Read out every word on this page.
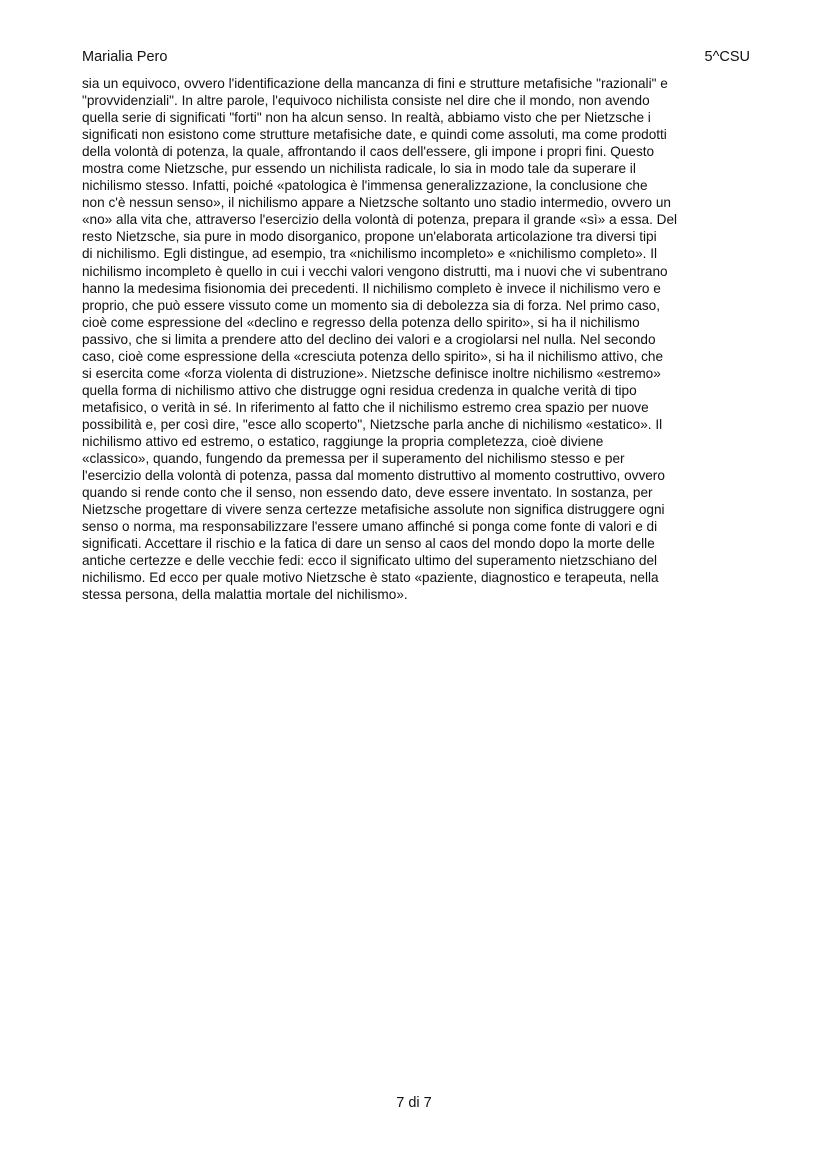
Marialia Pero	5^CSU
sia un equivoco, ovvero l'identificazione della mancanza di fini e strutture metafisiche "razionali" e
"provvidenziali". In altre parole, l'equivoco nichilista consiste nel dire che il mondo, non avendo
quella serie di significati "forti" non ha alcun senso. In realtà, abbiamo visto che per Nietzsche i
significati non esistono come strutture metafisiche date, e quindi come assoluti, ma come prodotti
della volontà di potenza, la quale, affrontando il caos dell'essere, gli impone i propri fini. Questo
mostra come Nietzsche, pur essendo un nichilista radicale, lo sia in modo tale da superare il
nichilismo stesso. Infatti, poiché «patologica è l'immensa generalizzazione, la conclusione che
non c'è nessun senso», il nichilismo appare a Nietzsche soltanto uno stadio intermedio, ovvero un
«no» alla vita che, attraverso l'esercizio della volontà di potenza, prepara il grande «sì» a essa. Del
resto Nietzsche, sia pure in modo disorganico, propone un'elaborata articolazione tra diversi tipi
di nichilismo. Egli distingue, ad esempio, tra «nichilismo incompleto» e «nichilismo completo». Il
nichilismo incompleto è quello in cui i vecchi valori vengono distrutti, ma i nuovi che vi subentrano
hanno la medesima fisionomia dei precedenti. Il nichilismo completo è invece il nichilismo vero e
proprio, che può essere vissuto come un momento sia di debolezza sia di forza. Nel primo caso,
cioè come espressione del «declino e regresso della potenza dello spirito», si ha il nichilismo
passivo, che si limita a prendere atto del declino dei valori e a crogiolarsi nel nulla. Nel secondo
caso, cioè come espressione della «cresciuta potenza dello spirito», si ha il nichilismo attivo, che
si esercita come «forza violenta di distruzione». Nietzsche definisce inoltre nichilismo «estremo»
quella forma di nichilismo attivo che distrugge ogni residua credenza in qualche verità di tipo
metafisico, o verità in sé. In riferimento al fatto che il nichilismo estremo crea spazio per nuove
possibilità e, per così dire, "esce allo scoperto", Nietzsche parla anche di nichilismo «estatico». Il
nichilismo attivo ed estremo, o estatico, raggiunge la propria completezza, cioè diviene
«classico», quando, fungendo da premessa per il superamento del nichilismo stesso e per
l'esercizio della volontà di potenza, passa dal momento distruttivo al momento costruttivo, ovvero
quando si rende conto che il senso, non essendo dato, deve essere inventato. In sostanza, per
Nietzsche progettare di vivere senza certezze metafisiche assolute non significa distruggere ogni
senso o norma, ma responsabilizzare l'essere umano affinché si ponga come fonte di valori e di
significati. Accettare il rischio e la fatica di dare un senso al caos del mondo dopo la morte delle
antiche certezze e delle vecchie fedi: ecco il significato ultimo del superamento nietzschiano del
nichilismo. Ed ecco per quale motivo Nietzsche è stato «paziente, diagnostico e terapeuta, nella
stessa persona, della malattia mortale del nichilismo».
7 di 7
